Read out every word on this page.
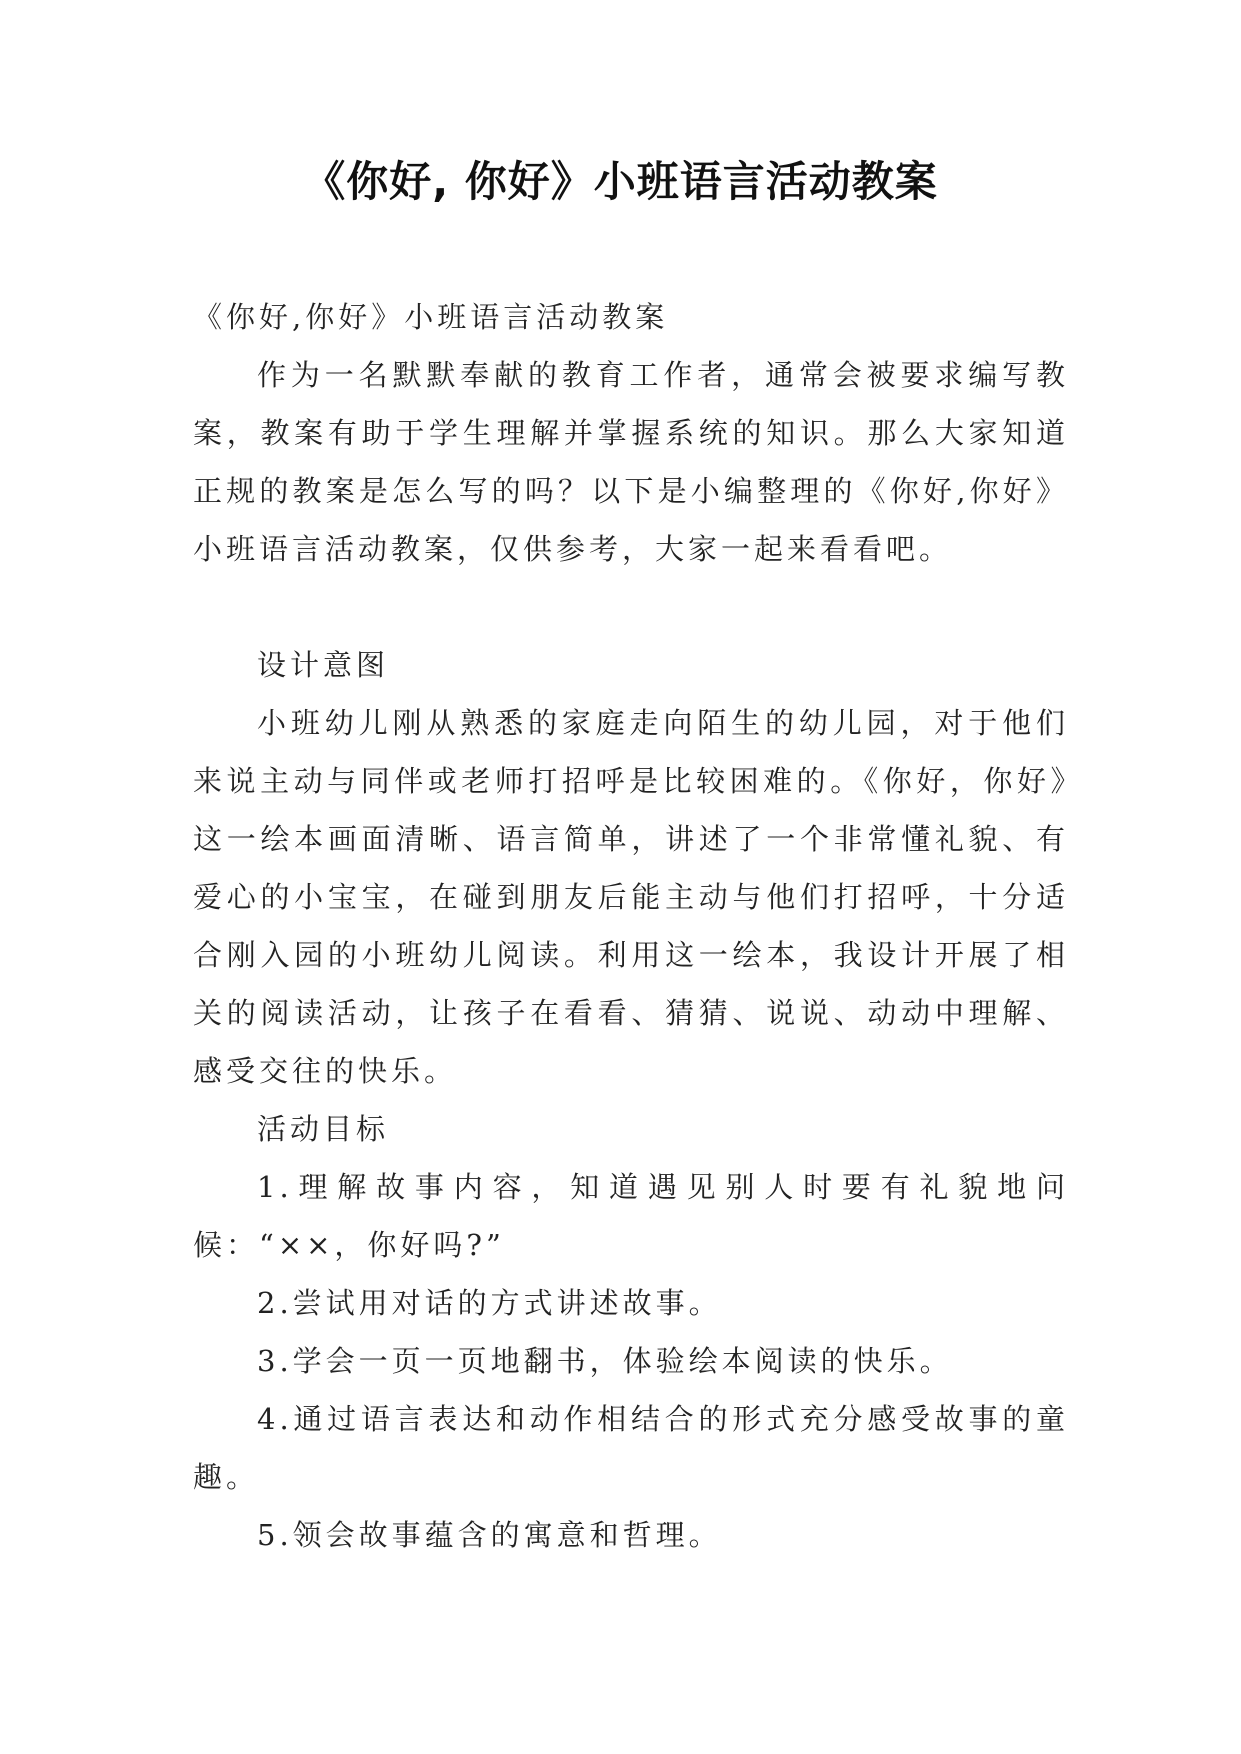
《你好, 你好》小班语言活动教案

《你好,你好》小班语言活动教案

作为一名默默奉献的教育工作者，通常会被要求编写教案，教案有助于学生理解并掌握系统的知识。那么大家知道正规的教案是怎么写的吗？以下是小编整理的《你好,你好》小班语言活动教案，仅供参考，大家一起来看看吧。

设计意图

小班幼儿刚从熟悉的家庭走向陌生的幼儿园，对于他们来说主动与同伴或老师打招呼是比较困难的。《你好，你好》这一绘本画面清晰、语言简单，讲述了一个非常懂礼貌、有爱心的小宝宝，在碰到朋友后能主动与他们打招呼，十分适合刚入园的小班幼儿阅读。利用这一绘本，我设计开展了相关的阅读活动，让孩子在看看、猜猜、说说、动动中理解、感受交往的快乐。

活动目标

1.理解故事内容，知道遇见别人时要有礼貌地问候：“××，你好吗?”

2.尝试用对话的方式讲述故事。

3.学会一页一页地翻书，体验绘本阅读的快乐。

4.通过语言表达和动作相结合的形式充分感受故事的童趣。

5.领会故事蕴含的寓意和哲理。
